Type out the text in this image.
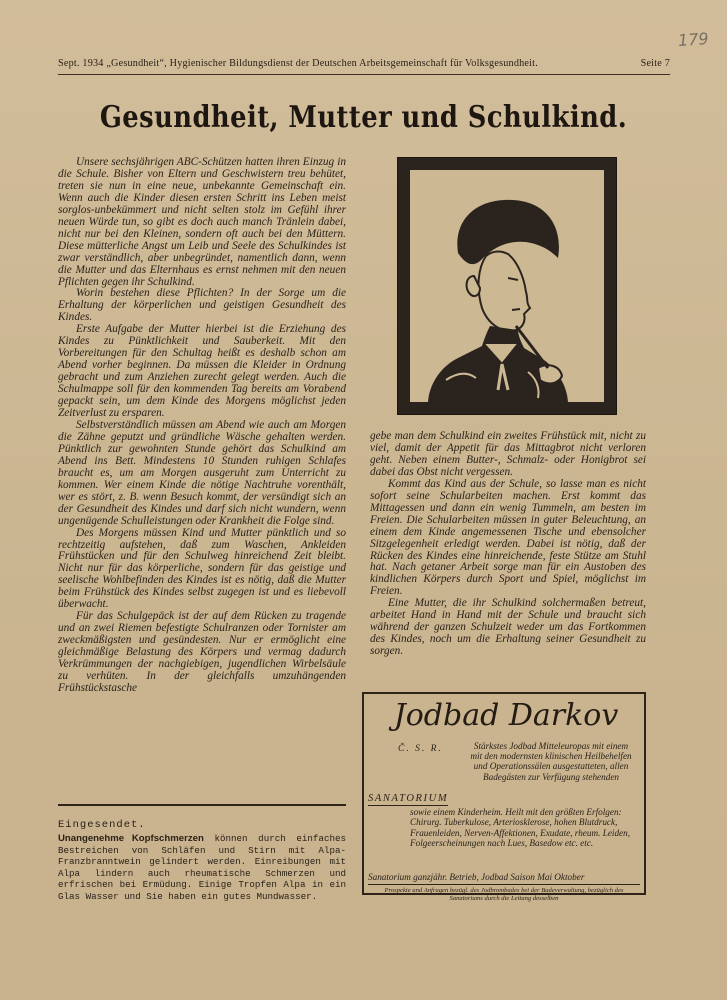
179
Sept. 1934 „Gesundheit“, Hygienischer Bildungsdienst der Deutschen Arbeitsgemeinschaft für Volksgesundheit.	Seite 7
Gesundheit, Mutter und Schulkind.

Unsere sechsjährigen ABC-Schützen hatten ihren Einzug in die Schule. Bisher von Eltern und Geschwistern treu behütet, treten sie nun in eine neue, unbekannte Gemeinschaft ein. Wenn auch die Kinder diesen ersten Schritt ins Leben meist sorglos-unbekümmert und nicht selten stolz im Gefühl ihrer neuen Würde tun, so gibt es doch auch manch Tränlein dabei, nicht nur bei den Kleinen, sondern oft auch bei den Müttern. Diese mütterliche Angst um Leib und Seele des Schulkindes ist zwar verständlich, aber unbegründet, namentlich dann, wenn die Mutter und das Elternhaus es ernst nehmen mit den neuen Pflichten gegen ihr Schulkind.

Worin bestehen diese Pflichten? In der Sorge um die Erhaltung der körperlichen und geistigen Gesundheit des Kindes.

Erste Aufgabe der Mutter hierbei ist die Erziehung des Kindes zu Pünktlichkeit und Sauberkeit. Mit den Vorbereitungen für den Schultag heißt es deshalb schon am Abend vorher beginnen. Da müssen die Kleider in Ordnung gebracht und zum Anziehen zurecht gelegt werden. Auch die Schulmappe soll für den kommenden Tag bereits am Vorabend gepackt sein, um dem Kinde des Morgens möglichst jeden Zeitverlust zu ersparen.

Selbstverständlich müssen am Abend wie auch am Morgen die Zähne geputzt und gründliche Wäsche gehalten werden. Pünktlich zur gewohnten Stunde gehört das Schulkind am Abend ins Bett. Mindestens 10 Stunden ruhigen Schlafes braucht es, um am Morgen ausgeruht zum Unterricht zu kommen. Wer einem Kinde die nötige Nachtruhe vorenthält, wer es stört, z. B. wenn Besuch kommt, der versündigt sich an der Gesundheit des Kindes und darf sich nicht wundern, wenn ungenügende Schulleistungen oder Krankheit die Folge sind.

Des Morgens müssen Kind und Mutter pünktlich und so rechtzeitig aufstehen, daß zum Waschen, Ankleiden Frühstücken und für den Schulweg hinreichend Zeit bleibt. Nicht nur für das körperliche, sondern für das geistige und seelische Wohlbefinden des Kindes ist es nötig, daß die Mutter beim Frühstück des Kindes selbst zugegen ist und es liebevoll überwacht.

Für das Schulgepäck ist der auf dem Rücken zu tragende und an zwei Riemen befestigte Schulranzen oder Tornister am zweckmäßigsten und gesündesten. Nur er ermöglicht eine gleichmäßige Belastung des Körpers und vermag dadurch Verkrümmungen der nachgiebigen, jugendlichen Wirbelsäule zu verhüten. In der gleichfalls umzuhängenden Frühstückstasche

gebe man dem Schulkind ein zweites Frühstück mit, nicht zu viel, damit der Appetit für das Mittagbrot nicht verloren geht. Neben einem Butter-, Schmalz- oder Honigbrot sei dabei das Obst nicht vergessen.

Kommt das Kind aus der Schule, so lasse man es nicht sofort seine Schularbeiten machen. Erst kommt das Mittagessen und dann ein wenig Tummeln, am besten im Freien. Die Schularbeiten müssen in guter Beleuchtung, an einem dem Kinde angemessenen Tische und ebensolcher Sitzgelegenheit erledigt werden. Dabei ist nötig, daß der Rücken des Kindes eine hinreichende, feste Stütze am Stuhl hat. Nach getaner Arbeit sorge man für ein Austoben des kindlichen Körpers durch Sport und Spiel, möglichst im Freien.

Eine Mutter, die ihr Schulkind solchermaßen betreut, arbeitet Hand in Hand mit der Schule und braucht sich während der ganzen Schulzeit weder um das Fortkommen des Kindes, noch um die Erhaltung seiner Gesundheit zu sorgen.

Eingesendet.
Unangenehme Kopfschmerzen können durch einfaches Bestreichen von Schläfen und Stirn mit Alpa-Franzbranntwein gelindert werden. Einreibungen mit Alpa lindern auch rheumatische Schmerzen und erfrischen bei Ermüdung. Einige Tropfen Alpa in ein Glas Wasser und Sie haben ein gutes Mundwasser.
Jodbad Darkov
Č. S. R.	Stärkstes Jodbad Mitteleuropas mit einem mit den modernsten klinischen Heilbehelfen und Operationssälen ausgestatteten, allen Badegästen zur Verfügung stehenden
SANATORIUM
sowie einem Kinderheim. Heilt mit den größten Erfolgen: Chirurg. Tuberkulose, Arteriosklerose, hohen Blutdruck, Frauenleiden, Nerven-Affektionen, Exudate, rheum. Leiden, Folgeerscheinungen nach Lues, Basedow etc. etc.
Sanatorium ganzjähr. Betrieb, Jodbad Saison Mai Oktober
Prospekte und Anfragen bezügl. des Jodbrombades bei der Badeverwaltung, bezüglich des Sanatoriums durch die Leitung desselben
